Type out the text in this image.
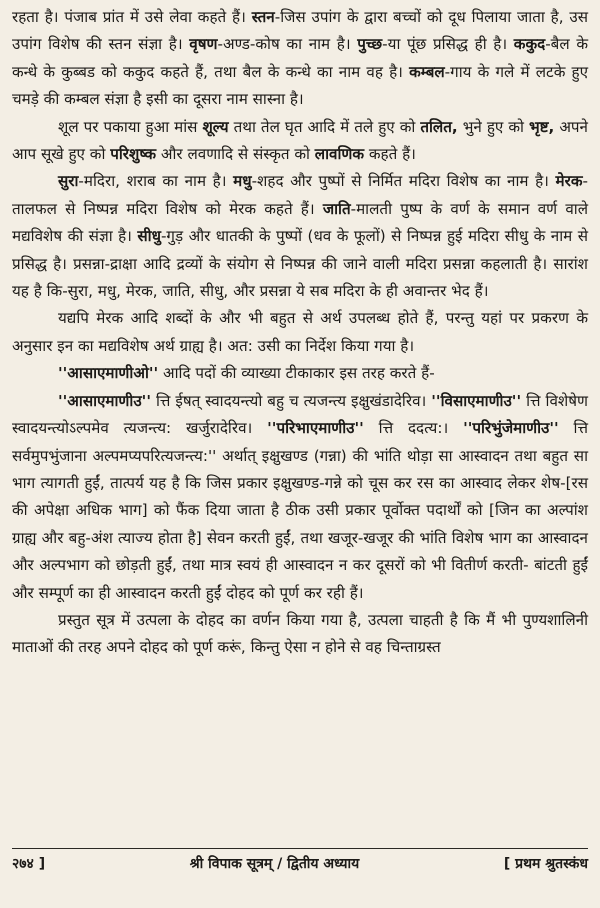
रहता है। पंजाब प्रांत में उसे लेवा कहते हैं। स्तन-जिस उपांग के द्वारा बच्चों को दूध पिलाया जाता है, उस उपांग विशेष की स्तन संज्ञा है। वृषण-अण्ड-कोष का नाम है। पुच्छ-या पूंछ प्रसिद्ध ही है। ककुद-बैल के कन्धे के कुब्बड को ककुद कहते हैं, तथा बैल के कन्धे का नाम वह है। कम्बल-गाय के गले में लटके हुए चमड़े की कम्बल संज्ञा है इसी का दूसरा नाम सास्ना है।

शूल पर पकाया हुआ मांस शूल्य तथा तेल घृत आदि में तले हुए को तलित, भुने हुए को भृष्ट, अपने आप सूखे हुए को परिशुष्क और लवणादि से संस्कृत को लावणिक कहते हैं।

सुरा-मदिरा, शराब का नाम है। मधु-शहद और पुष्पों से निर्मित मदिरा विशेष का नाम है। मेरक-तालफल से निष्पन्न मदिरा विशेष को मेरक कहते हैं। जाति-मालती पुष्प के वर्ण के समान वर्ण वाले मद्यविशेष की संज्ञा है। सीधु-गुड़ और धातकी के पुष्पों (धव के फूलों) से निष्पन्न हुई मदिरा सीधु के नाम से प्रसिद्ध है। प्रसन्ना-द्राक्षा आदि द्रव्यों के संयोग से निष्पन्न की जाने वाली मदिरा प्रसन्ना कहलाती है। सारांश यह है कि-सुरा, मधु, मेरक, जाति, सीधु, और प्रसन्ना ये सब मदिरा के ही अवान्तर भेद हैं।

यद्यपि मेरक आदि शब्दों के और भी बहुत से अर्थ उपलब्ध होते हैं, परन्तु यहां पर प्रकरण के अनुसार इन का मद्यविशेष अर्थ ग्राह्य है। अत: उसी का निर्देश किया गया है।

''आसाएमाणीओ'' आदि पदों की व्याख्या टीकाकार इस तरह करते हैं-

''आसाएमाणीउ'' त्ति ईषत् स्वादयन्त्यो बहु च त्यजन्त्य इक्षुखंडादेरिव। ''विसाएमाणीउ'' त्ति विशेषेण स्वादयन्त्योऽल्पमेव त्यजन्त्य: खर्जुरादेरिव। ''परिभाएमाणीउ'' त्ति ददत्य:। ''परिभुंजेमाणीउ'' त्ति सर्वमुपभुंजाना अल्पमप्यपरित्यजन्त्य:'' अर्थात् इक्षुखण्ड (गन्ना) की भांति थोड़ा सा आस्वादन तथा बहुत सा भाग त्यागती हुईं, तात्पर्य यह है कि जिस प्रकार इक्षुखण्ड-गन्ने को चूस कर रस का आस्वाद लेकर शेष-[रस की अपेक्षा अधिक भाग] को फैंक दिया जाता है ठीक उसी प्रकार पूर्वोक्त पदार्थों को [जिन का अल्पांश ग्राह्य और बहु-अंश त्याज्य होता है] सेवन करती हुईं, तथा खजूर-खजूर की भांति विशेष भाग का आस्वादन और अल्पभाग को छोड़ती हुईं, तथा मात्र स्वयं ही आस्वादन न कर दूसरों को भी वितीर्ण करती- बांटती हुईं और सम्पूर्ण का ही आस्वादन करती हुईं दोहद को पूर्ण कर रही हैं।

प्रस्तुत सूत्र में उत्पला के दोहद का वर्णन किया गया है, उत्पला चाहती है कि मैं भी पुण्यशालिनी माताओं की तरह अपने दोहद को पूर्ण करूं, किन्तु ऐसा न होने से वह चिन्ताग्रस्त

२७४ ]	श्री विपाक सूत्रम् / द्वितीय अध्याय	[ प्रथम श्रुतस्कंध
